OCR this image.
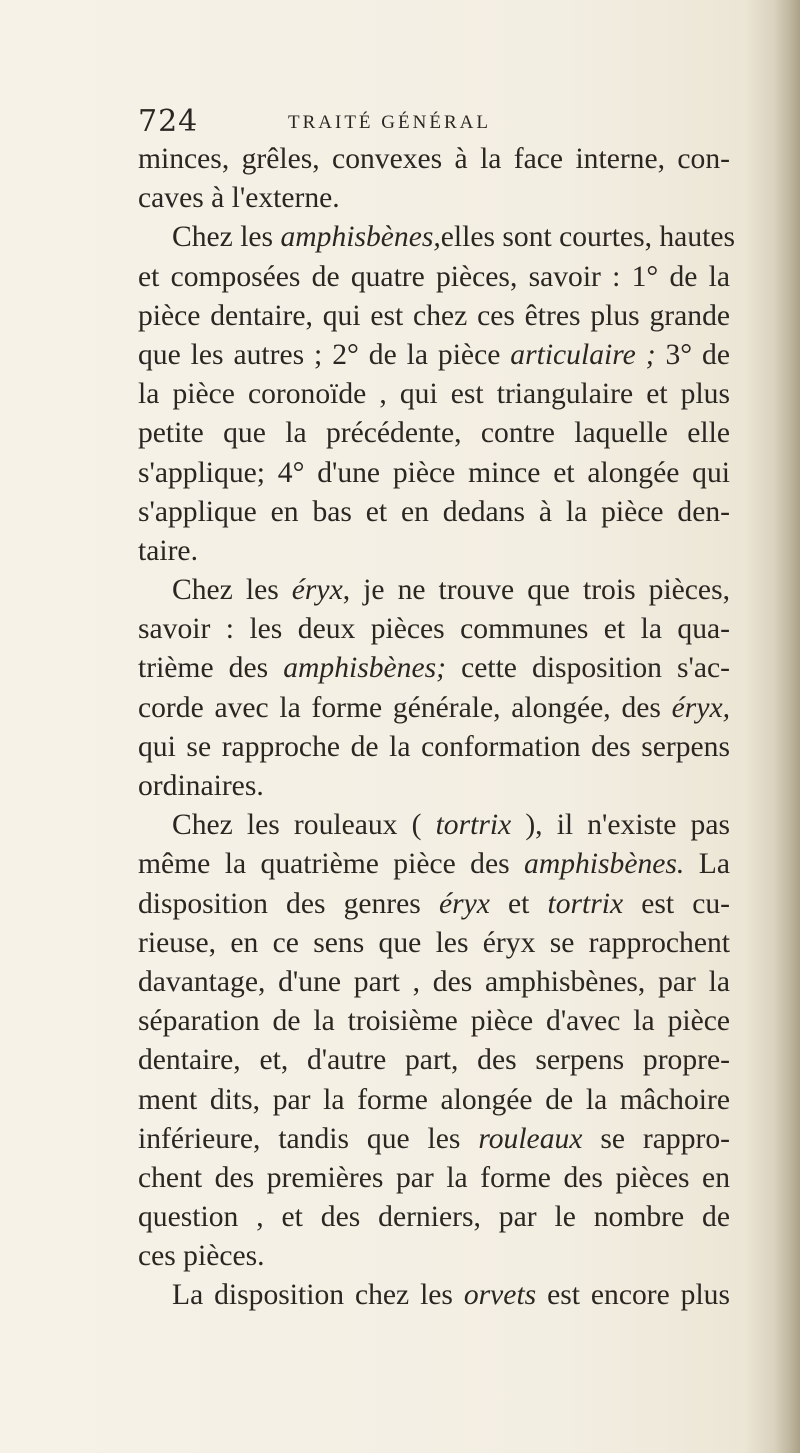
724	TRAITÉ GÉNÉRAL
minces, grêles, convexes à la face interne, con-
caves à l'externe.
Chez les amphisbènes,elles sont courtes, hautes
et composées de quatre pièces, savoir : 1° de la
pièce dentaire, qui est chez ces êtres plus grande
que les autres ; 2° de la pièce articulaire ; 3° de
la pièce coronoïde , qui est triangulaire et plus
petite que la précédente, contre laquelle elle
s'applique; 4° d'une pièce mince et alongée qui
s'applique en bas et en dedans à la pièce den-
taire.
Chez les éryx, je ne trouve que trois pièces,
savoir : les deux pièces communes et la qua-
trième des amphisbènes; cette disposition s'ac-
corde avec la forme générale, alongée, des éryx,
qui se rapproche de la conformation des serpens
ordinaires.
Chez les rouleaux ( tortrix ), il n'existe pas
même la quatrième pièce des amphisbènes. La
disposition des genres éryx et tortrix est cu-
rieuse, en ce sens que les éryx se rapprochent
davantage, d'une part , des amphisbènes, par la
séparation de la troisième pièce d'avec la pièce
dentaire, et, d'autre part, des serpens propre-
ment dits, par la forme alongée de la mâchoire
inférieure, tandis que les rouleaux se rappro-
chent des premières par la forme des pièces en
question , et des derniers, par le nombre de
ces pièces.
La disposition chez les orvets est encore plus
